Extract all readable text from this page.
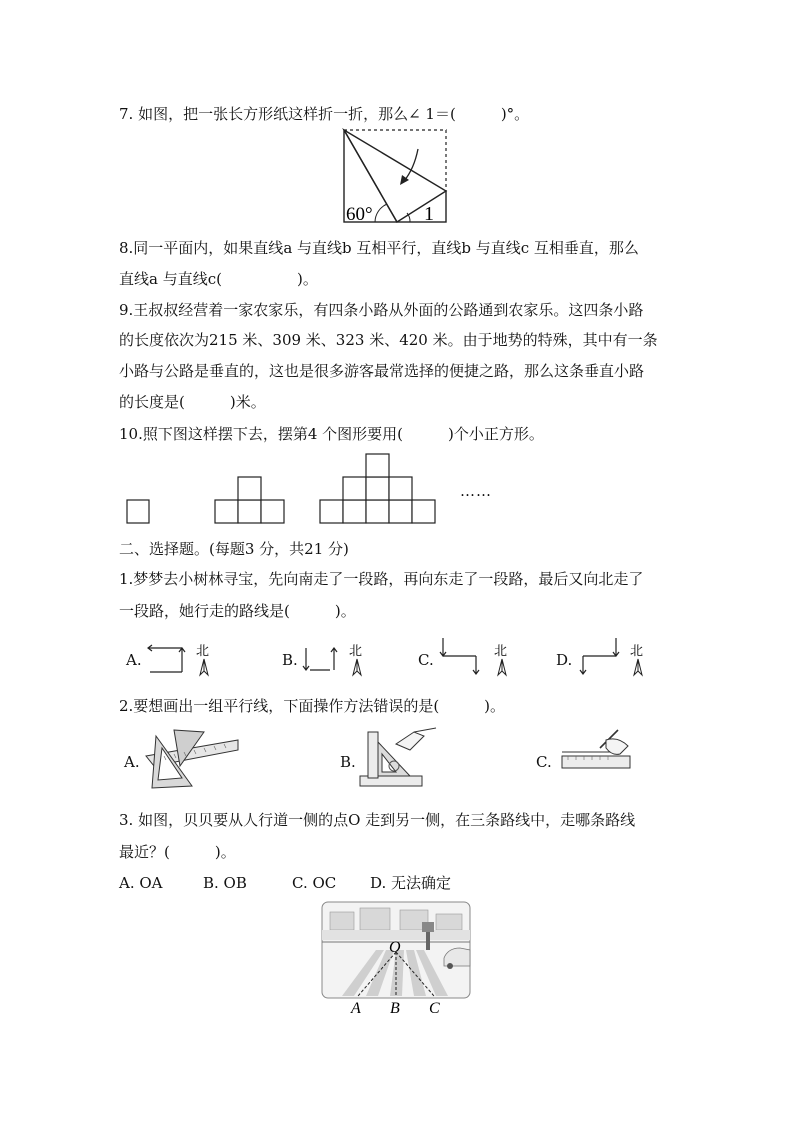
7. 如图，把一张长方形纸这样折一折，那么∠ 1＝(　　　)°。
60°	1
8.同一平面内，如果直线a 与直线b 互相平行，直线b 与直线c 互相垂直，那么
直线a 与直线c(　　　　　)。
9.王叔叔经营着一家农家乐，有四条小路从外面的公路通到农家乐。这四条小路
的长度依次为215 米、309 米、323 米、420 米。由于地势的特殊，其中有一条
小路与公路是垂直的，这也是很多游客最常选择的便捷之路，那么这条垂直小路
的长度是(　　　)米。
10.照下图这样摆下去，摆第4 个图形要用(　　　)个小正方形。
……
二、选择题。(每题3 分，共21 分)
1.梦梦去小树林寻宝，先向南走了一段路，再向东走了一段路，最后又向北走了
一段路，她行走的路线是(　　　)。
A.
北
B.
北
C.
北
D.
北
2.要想画出一组平行线，下面操作方法错误的是(　　　)。
A.	B.	C.
3. 如图，贝贝要从人行道一侧的点O 走到另一侧，在三条路线中，走哪条路线
最近？(　　　)。
A. OA	B. OB	C. OC D. 无法确定
O
A B C
